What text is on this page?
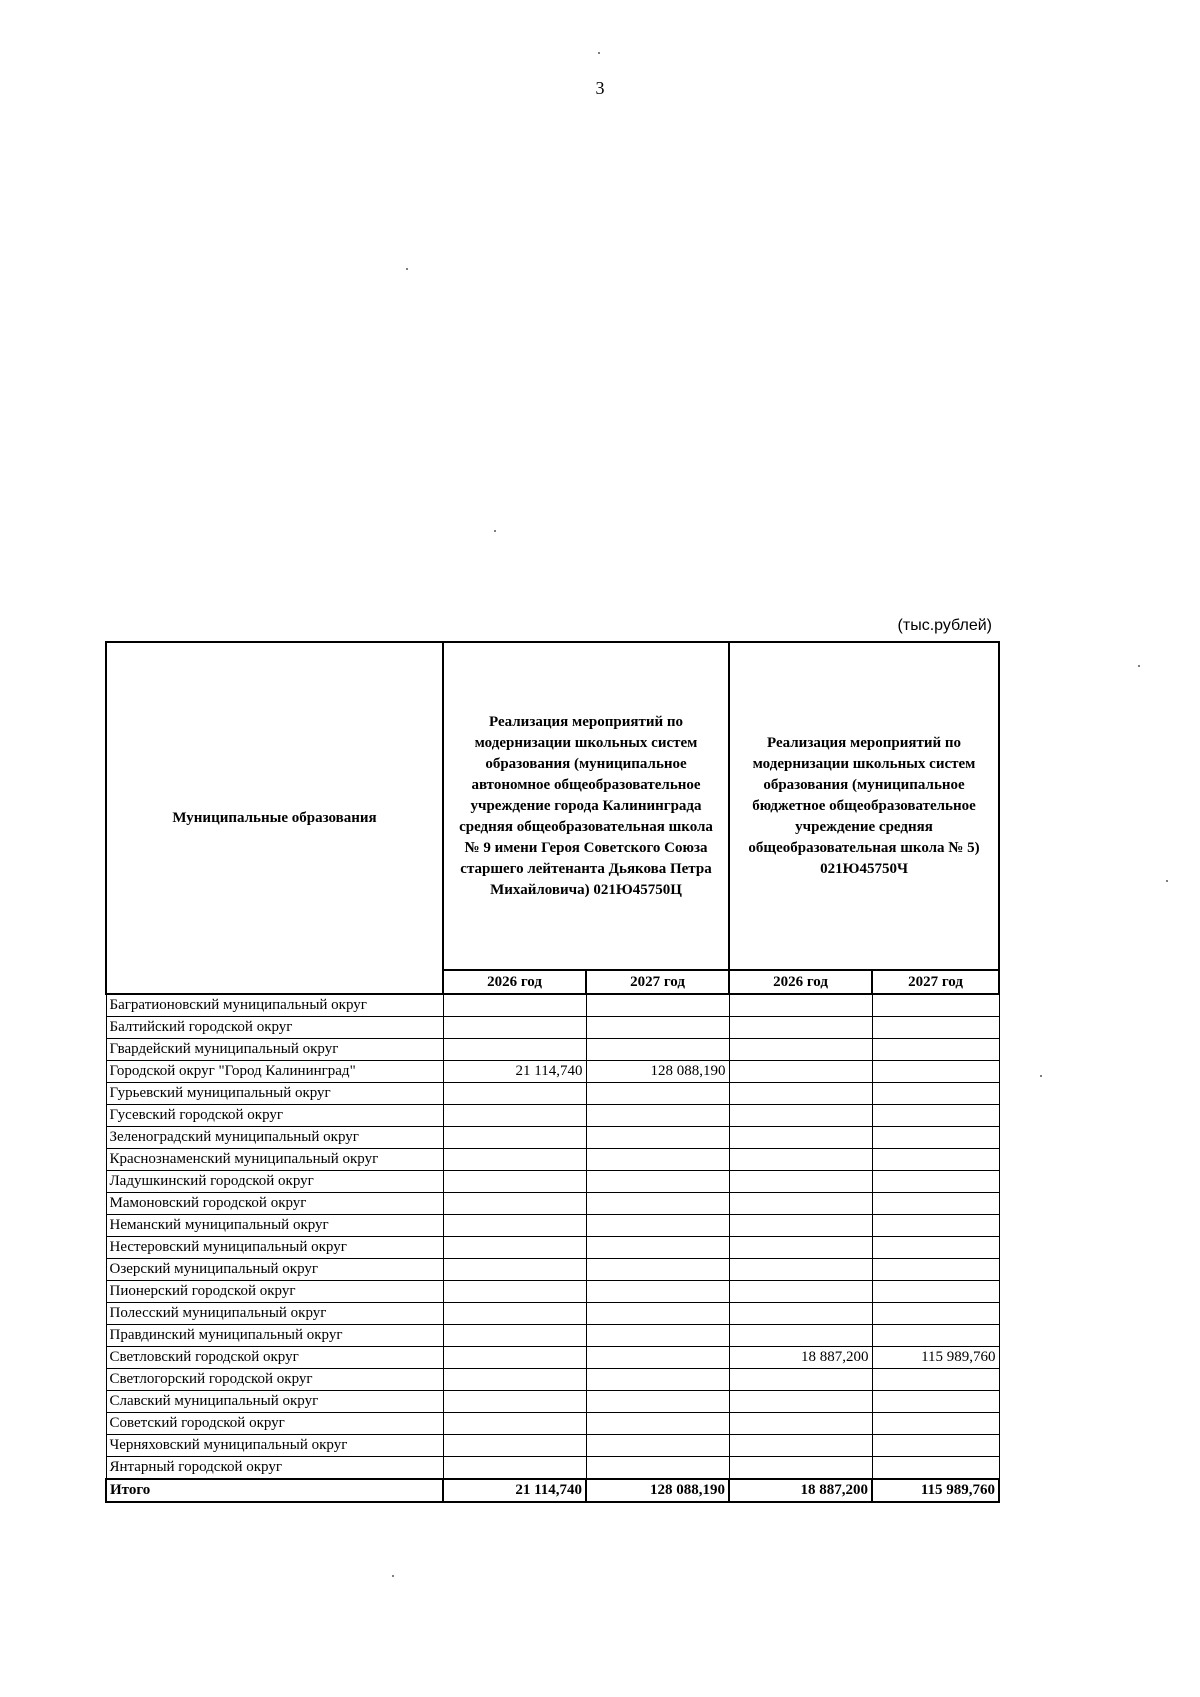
3
(тыс.рублей)
Муниципальные образования	Реализация мероприятий по модернизации школьных систем образования (муниципальное автономное общеобразовательное учреждение города Калининграда средняя общеобразовательная школа № 9 имени Героя Советского Союза старшего лейтенанта Дьякова Петра Михайловича) 021Ю45750Ц		Реализация мероприятий по модернизации школьных систем образования (муниципальное бюджетное общеобразовательное учреждение средняя общеобразовательная школа № 5) 021Ю45750Ч	
	2026 год	2027 год	2026 год	2027 год
Багратионовский муниципальный округ				
Балтийский городской округ				
Гвардейский муниципальный округ				
Городской округ "Город Калининград"	21 114,740	128 088,190		
Гурьевский муниципальный округ				
Гусевский городской округ				
Зеленоградский муниципальный округ				
Краснознаменский муниципальный округ				
Ладушкинский городской округ				
Мамоновский городской округ				
Неманский муниципальный округ				
Нестеровский муниципальный округ				
Озерский муниципальный округ				
Пионерский городской округ				
Полесский муниципальный округ				
Правдинский муниципальный округ				
Светловский городской округ			18 887,200	115 989,760
Светлогорский городской округ				
Славский муниципальный округ				
Советский городской округ				
Черняховский муниципальный округ				
Янтарный городской округ				
Итого	21 114,740	128 088,190	18 887,200	115 989,760
